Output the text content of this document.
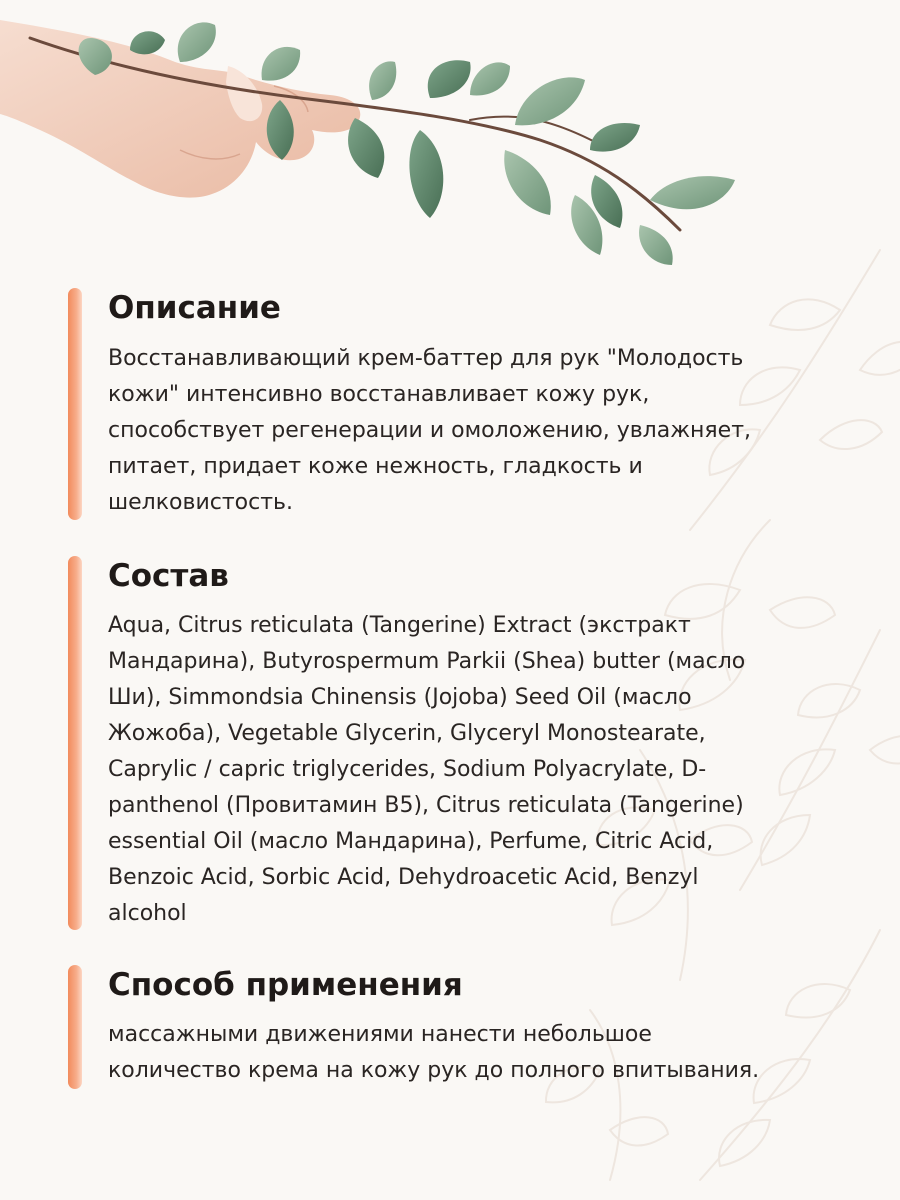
Описание

Восстанавливающий крем-баттер для рук "Молодость
кожи" интенсивно восстанавливает кожу рук,
способствует регенерации и омоложению, увлажняет,
питает, придает коже нежность, гладкость и
шелковистость.

Состав

Aqua, Citrus reticulata (Tangerine) Extract (экстракт
Мандарина), Butyrospermum Parkii (Shea) butter (масло
Ши), Simmondsia Chinensis (Jojoba) Seed Oil (масло
Жожоба), Vegetable Glycerin, Glyceryl Monostearate,
Caprylic / capric triglycerides, Sodium Polyacrylate, D-
panthenol (Провитамин В5), Citrus reticulata (Tangerine)
essential Oil (масло Мандарина), Perfume, Citric Acid,
Benzoic Acid, Sorbic Acid, Dehydroacetic Acid, Benzyl
alcohol

Способ применения

массажными движениями нанести небольшое
количество крема на кожу рук до полного впитывания.
